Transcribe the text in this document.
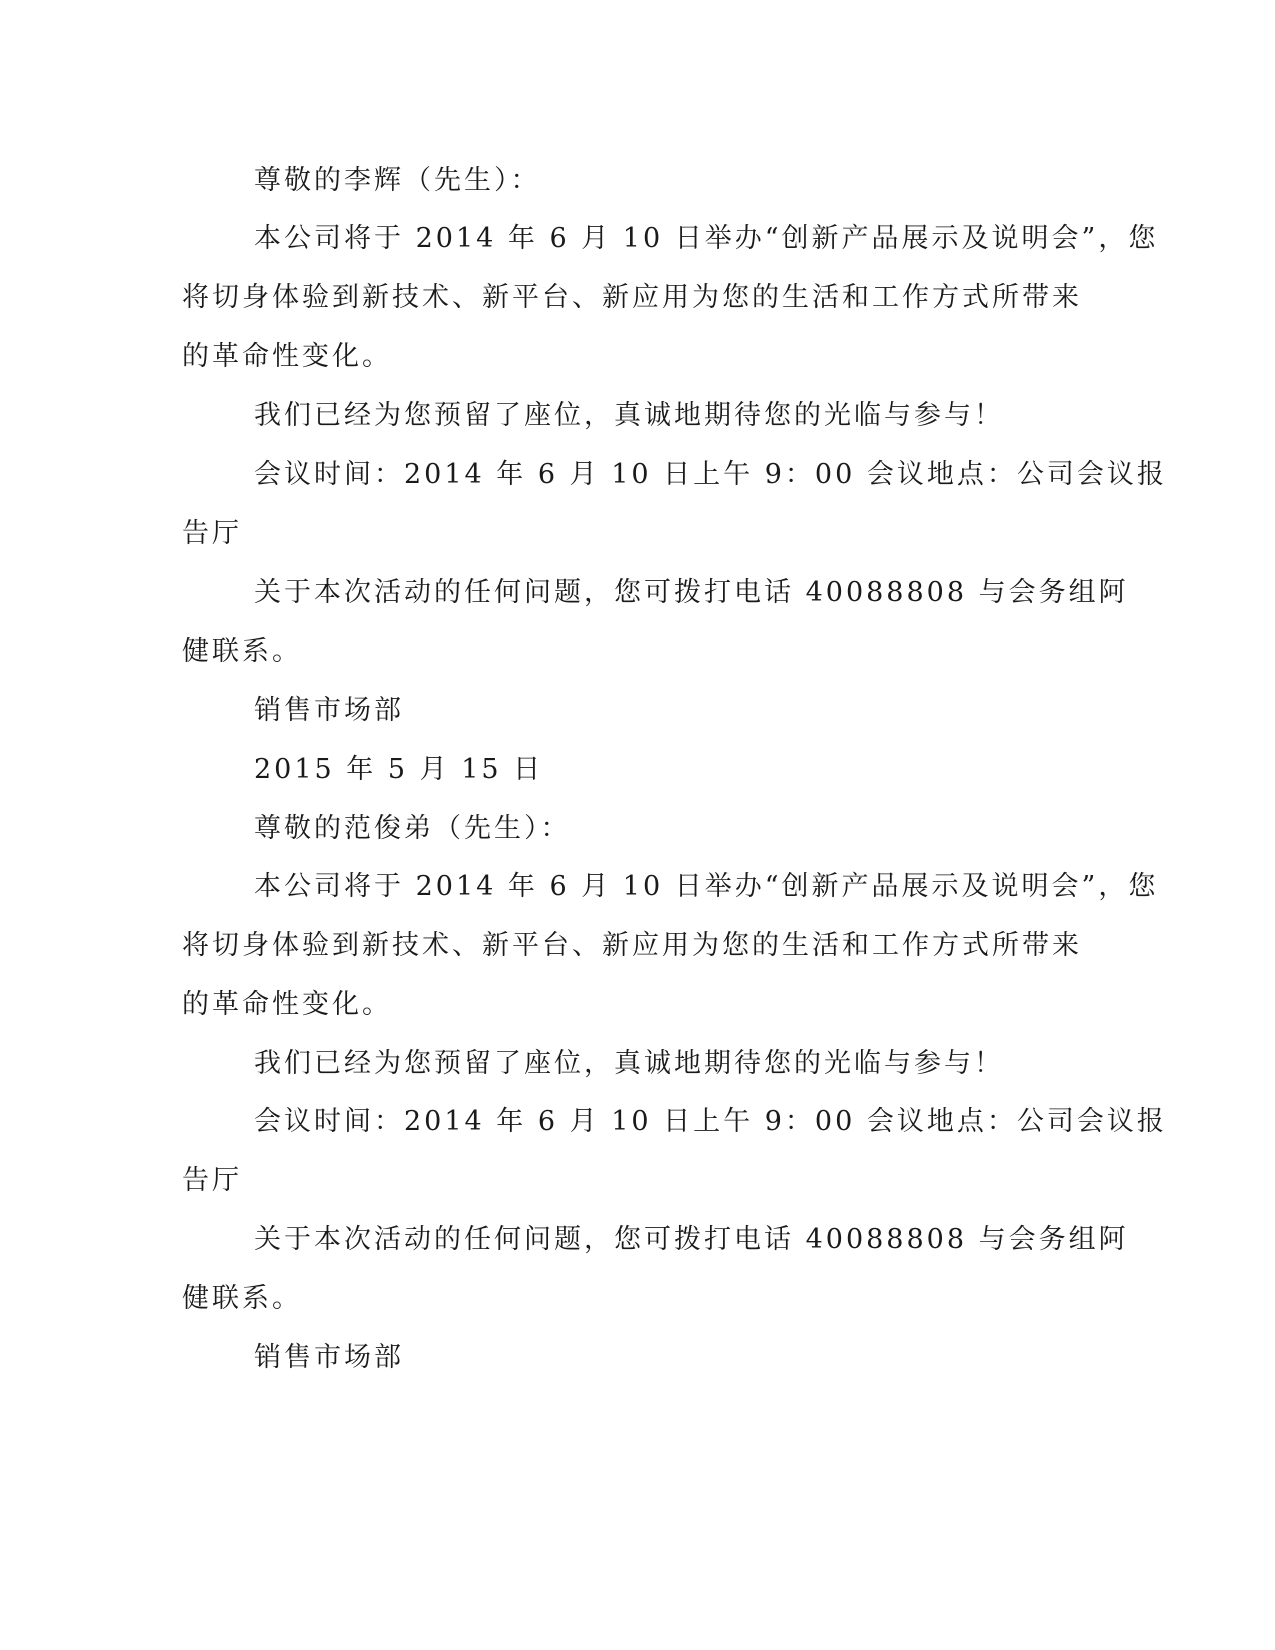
尊敬的李辉（先生）：
本公司将于 2014 年 6 月 10 日举办“创新产品展示及说明会”，您
将切身体验到新技术、新平台、新应用为您的生活和工作方式所带来
的革命性变化。
我们已经为您预留了座位，真诚地期待您的光临与参与！
会议时间：2014 年 6 月 10 日上午 9：00 会议地点：公司会议报
告厅
关于本次活动的任何问题，您可拨打电话 40088808 与会务组阿
健联系。
销售市场部
2015 年 5 月 15 日
尊敬的范俊弟（先生）：
本公司将于 2014 年 6 月 10 日举办“创新产品展示及说明会”，您
将切身体验到新技术、新平台、新应用为您的生活和工作方式所带来
的革命性变化。
我们已经为您预留了座位，真诚地期待您的光临与参与！
会议时间：2014 年 6 月 10 日上午 9：00 会议地点：公司会议报
告厅
关于本次活动的任何问题，您可拨打电话 40088808 与会务组阿
健联系。
销售市场部
